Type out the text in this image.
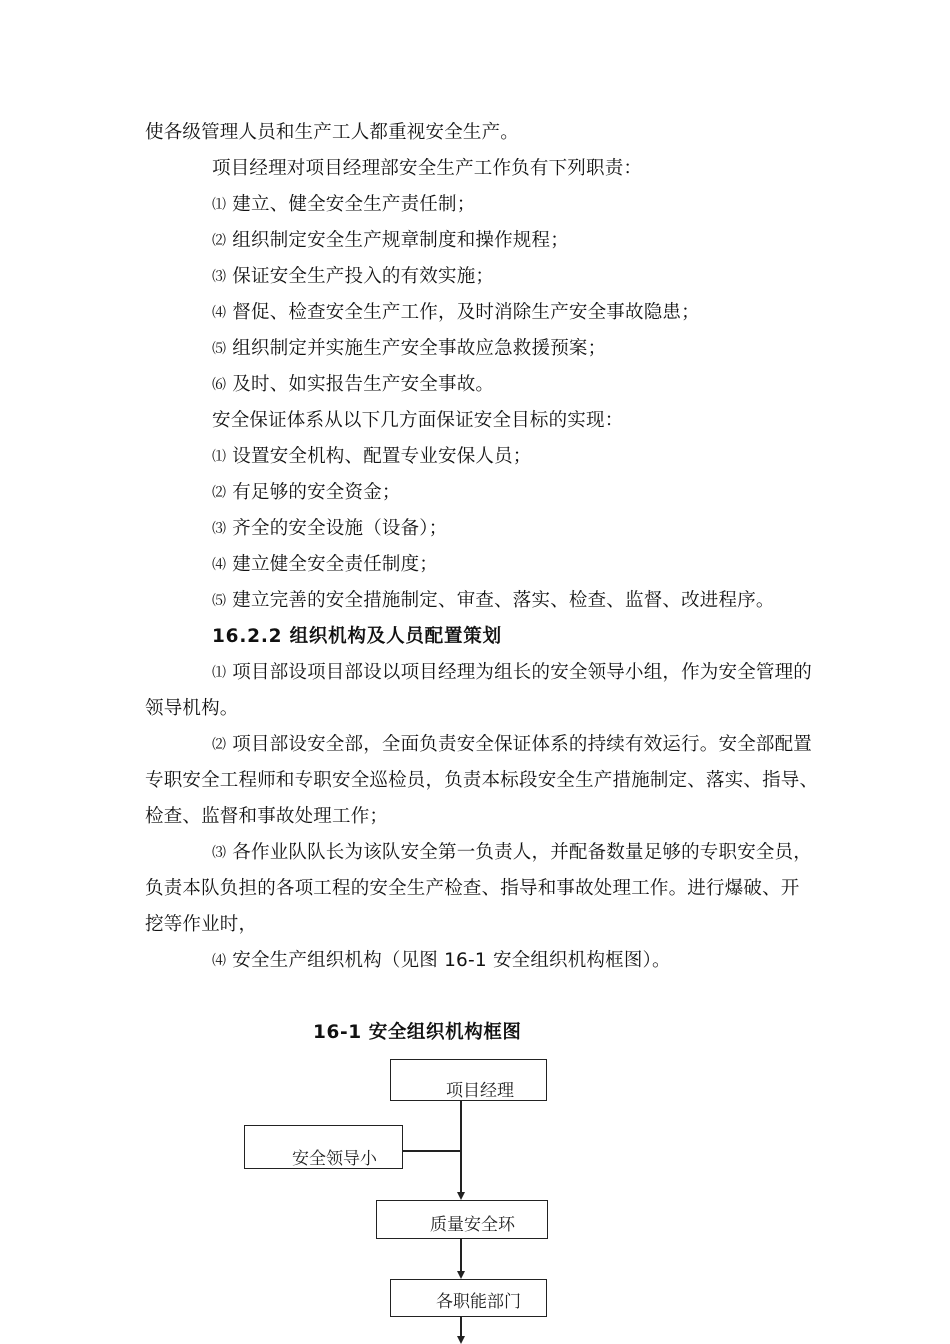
使各级管理人员和生产工人都重视安全生产。
项目经理对项目经理部安全生产工作负有下列职责：
⑴ 建立、健全安全生产责任制；
⑵ 组织制定安全生产规章制度和操作规程；
⑶ 保证安全生产投入的有效实施；
⑷ 督促、检查安全生产工作，及时消除生产安全事故隐患；
⑸ 组织制定并实施生产安全事故应急救援预案；
⑹ 及时、如实报告生产安全事故。
安全保证体系从以下几方面保证安全目标的实现：
⑴ 设置安全机构、配置专业安保人员；
⑵ 有足够的安全资金；
⑶ 齐全的安全设施（设备）；
⑷ 建立健全安全责任制度；
⑸ 建立完善的安全措施制定、审查、落实、检查、监督、改进程序。
16.2.2 组织机构及人员配置策划
⑴ 项目部设项目部设以项目经理为组长的安全领导小组，作为安全管理的
领导机构。
⑵ 项目部设安全部，全面负责安全保证体系的持续有效运行。安全部配置
专职安全工程师和专职安全巡检员，负责本标段安全生产措施制定、落实、指导、
检查、监督和事故处理工作；
⑶ 各作业队队长为该队安全第一负责人，并配备数量足够的专职安全员，
负责本队负担的各项工程的安全生产检查、指导和事故处理工作。进行爆破、开
挖等作业时，
⑷ 安全生产组织机构（见图 16-1 安全组织机构框图）。
16-1 安全组织机构框图
项目经理
安全领导小
质量安全环
各职能部门
